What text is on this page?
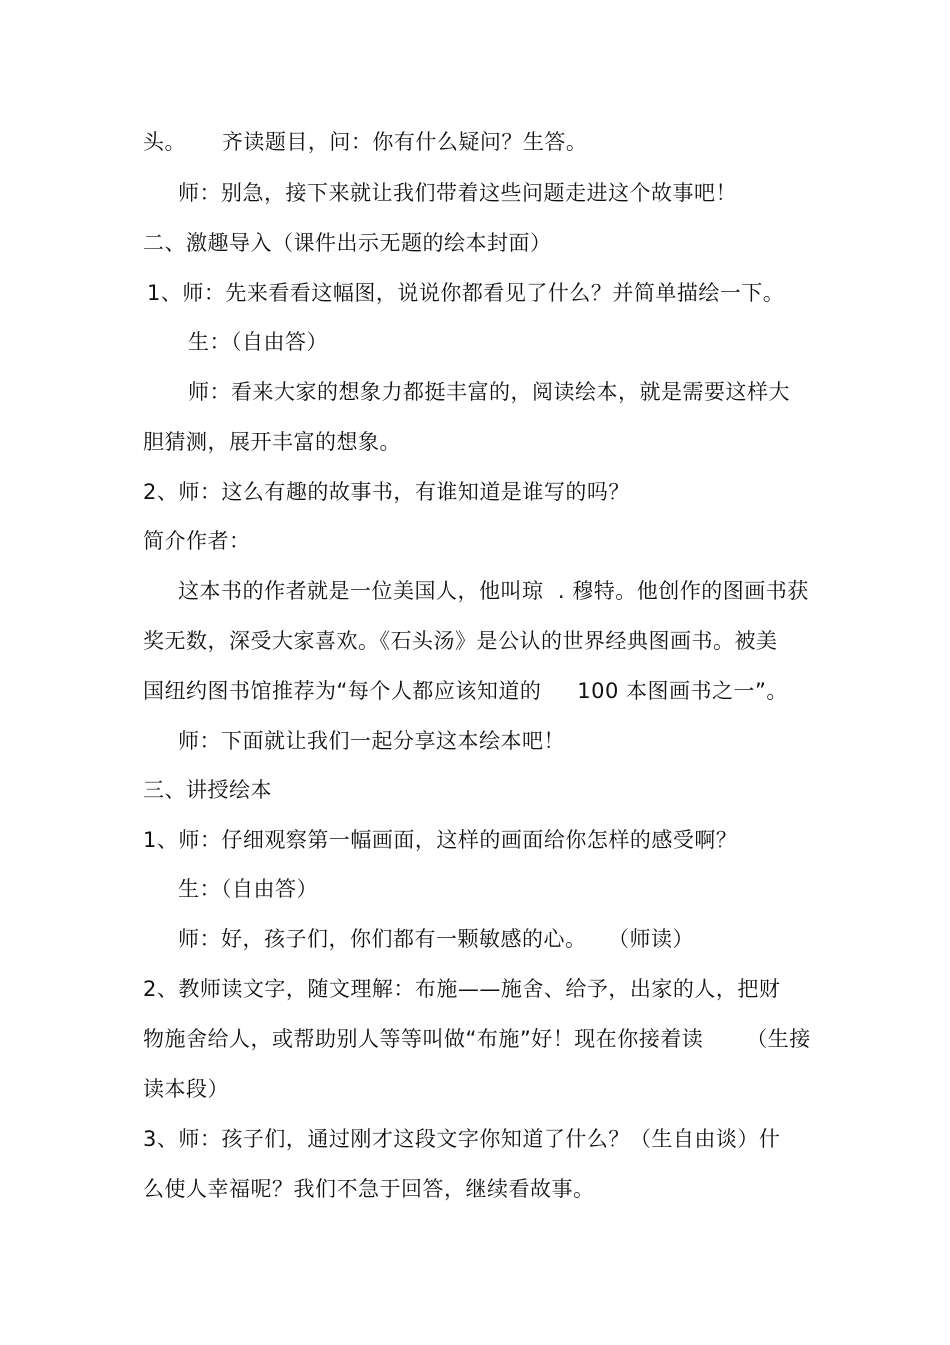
头。     齐读题目，问：你有什么疑问？生答。
师：别急，接下来就让我们带着这些问题走进这个故事吧！
二、激趣导入（课件出示无题的绘本封面）
1、师：先来看看这幅图，说说你都看见了什么？并简单描绘一下。
生：（自由答）
师：看来大家的想象力都挺丰富的，阅读绘本，就是需要这样大
胆猜测，展开丰富的想象。
2、师：这么有趣的故事书，有谁知道是谁写的吗？
简介作者：
这本书的作者就是一位美国人，他叫琼  . 穆特。他创作的图画书获
奖无数，深受大家喜欢。《石头汤》是公认的世界经典图画书。被美
国纽约图书馆推荐为“每个人都应该知道的     100 本图画书之一”。
师：下面就让我们一起分享这本绘本吧！
三、讲授绘本
1、师：仔细观察第一幅画面，这样的画面给你怎样的感受啊？
生：（自由答）
师：好，孩子们，你们都有一颗敏感的心。   （师读）
2、教师读文字，随文理解：布施——施舍、给予，出家的人，把财
物施舍给人，或帮助别人等等叫做“布施”好！现在你接着读      （生接
读本段）
3、师：孩子们，通过刚才这段文字你知道了什么？（生自由谈）什
么使人幸福呢？我们不急于回答，继续看故事。
